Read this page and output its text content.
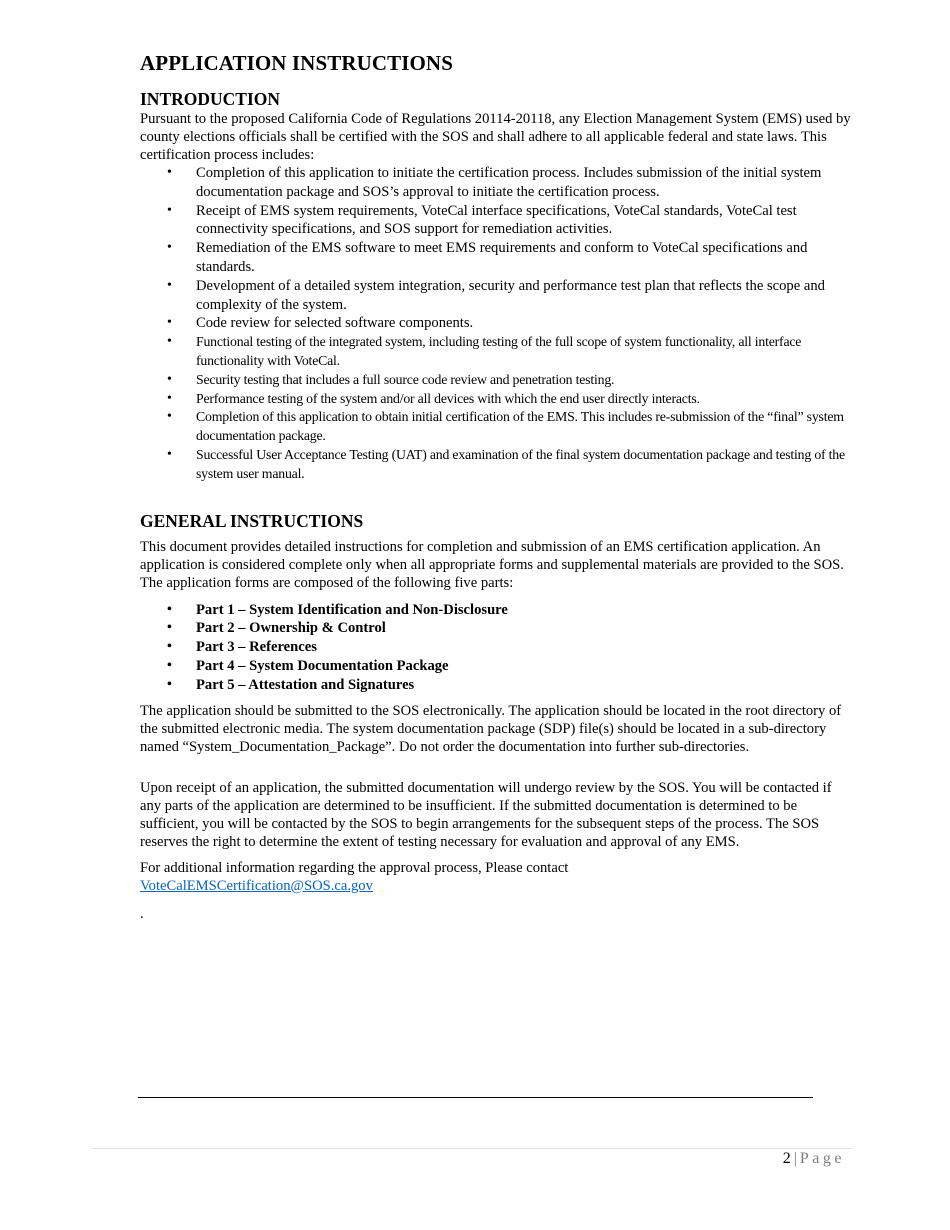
APPLICATION INSTRUCTIONS
INTRODUCTION

Pursuant to the proposed California Code of Regulations 20114-20118, any Election Management System (EMS) used by county elections officials shall be certified with the SOS and shall adhere to all applicable federal and state laws. This certification process includes:

• Completion of this application to initiate the certification process. Includes submission of the initial system documentation package and SOS’s approval to initiate the certification process.
• Receipt of EMS system requirements, VoteCal interface specifications, VoteCal standards, VoteCal test connectivity specifications, and SOS support for remediation activities.
• Remediation of the EMS software to meet EMS requirements and conform to VoteCal specifications and standards.
• Development of a detailed system integration, security and performance test plan that reflects the scope and complexity of the system.
• Code review for selected software components.
• Functional testing of the integrated system, including testing of the full scope of system functionality, all interface functionality with VoteCal.
• Security testing that includes a full source code review and penetration testing.
• Performance testing of the system and/or all devices with which the end user directly interacts.
• Completion of this application to obtain initial certification of the EMS. This includes re-submission of the “final” system documentation package.
• Successful User Acceptance Testing (UAT) and examination of the final system documentation package and testing of the system user manual.
GENERAL INSTRUCTIONS

This document provides detailed instructions for completion and submission of an EMS certification application. An application is considered complete only when all appropriate forms and supplemental materials are provided to the SOS. The application forms are composed of the following five parts:

• Part 1 – System Identification and Non-Disclosure
• Part 2 – Ownership & Control
• Part 3 – References
• Part 4 – System Documentation Package
• Part 5 – Attestation and Signatures

The application should be submitted to the SOS electronically. The application should be located in the root directory of the submitted electronic media. The system documentation package (SDP) file(s) should be located in a sub-directory named “System_Documentation_Package”. Do not order the documentation into further sub-directories.

Upon receipt of an application, the submitted documentation will undergo review by the SOS. You will be contacted if any parts of the application are determined to be insufficient. If the submitted documentation is determined to be sufficient, you will be contacted by the SOS to begin arrangements for the subsequent steps of the process. The SOS reserves the right to determine the extent of testing necessary for evaluation and approval of any EMS.

For additional information regarding the approval process, Please contact
VoteCalEMSCertification@SOS.ca.gov

.

2 | Page
